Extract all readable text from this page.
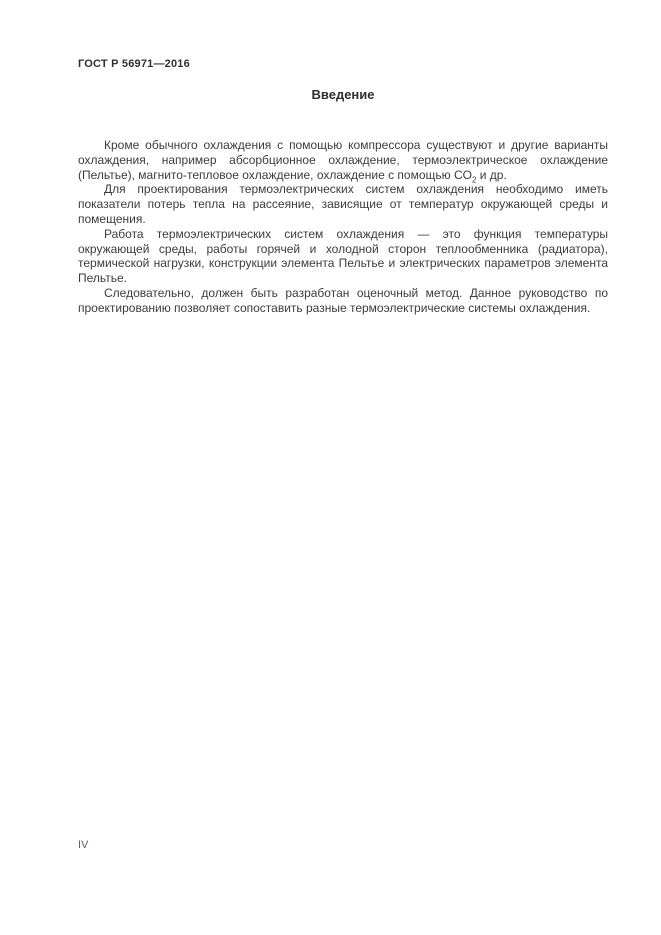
ГОСТ Р 56971—2016
Введение

Кроме обычного охлаждения с помощью компрессора существуют и другие варианты охлаждения, например абсорбционное охлаждение, термоэлектрическое охлаждение (Пельтье), магнито-тепловое охлаждение, охлаждение с помощью $CO_2$ и др.

Для проектирования термоэлектрических систем охлаждения необходимо иметь показатели потерь тепла на рассеяние, зависящие от температур окружающей среды и помещения.

Работа термоэлектрических систем охлаждения — это функция температуры окружающей среды, работы горячей и холодной сторон теплообменника (радиатора), термической нагрузки, конструкции элемента Пельтье и электрических параметров элемента Пельтье.

Следовательно, должен быть разработан оценочный метод. Данное руководство по проектированию позволяет сопоставить разные термоэлектрические системы охлаждения.

IV
